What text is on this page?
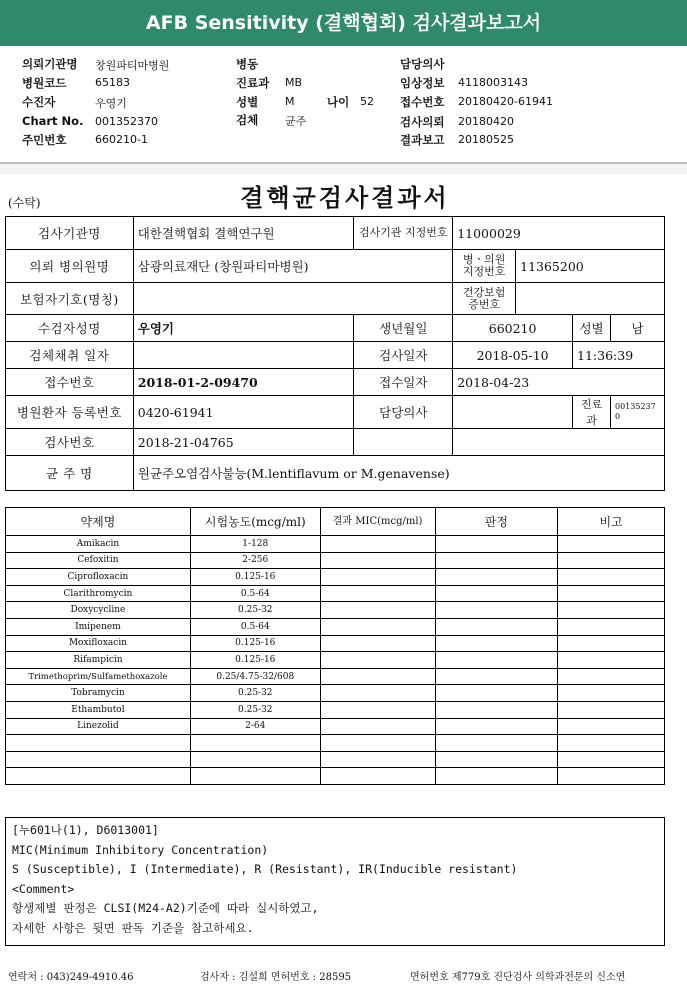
AFB Sensitivity (결핵협회) 검사결과보고서
의뢰기관명 창원파티마병원
병원코드	65183
수진자	우영기
Chart No. 001352370
주민번호	660210-1
병동
진료과 MB
성별 M	나이 52
검체 균주
담당의사
임상정보 4118003143
접수번호 20180420-61941
검사의뢰 20180420
결과보고 20180525
(수탁)	결핵균검사결과서
검사기관명	대한결핵협회 결핵연구원	검사기관 지정번호	11000029			
의뢰 병의원명	삼광의료재단 (창원파티마병원)		병ㆍ의원 지정번호	11365200		
보험자기호(명칭)			건강보험 증번호			
수검자성명	우영기	생년월일	660210		성별	남
검체채취 일자		검사일자	2018-05-10		11:36:39	
접수번호	2018-01-2-09470	접수일자	2018-04-23			
병원환자 등록번호	0420-61941	담당의사			진료과	001352370
검사번호	2018-21-04765					
균 주 명	원균주오염검사불능(M.lentiflavum or M.genavense)					
약제명	시험농도(mcg/ml)	결과 MIC(mcg/ml)	판정	비고
Amikacin	1-128			
Cefoxitin	2-256			
Ciprofloxacin	0.125-16			
Clarithromycin	0.5-64			
Doxycycline	0.25-32			
Imipenem	0.5-64			
Moxifloxacin	0.125-16			
Rifampicin	0.125-16			
Trimethoprim/Sulfamethoxazole	0.25/4.75-32/608			
Tobramycin	0.25-32			
Ethambutol	0.25-32			
Linezolid	2-64			

[누601나(1), D6013001]
MIC(Minimum Inhibitory Concentration)
S (Susceptible), I (Intermediate), R (Resistant), IR(Inducible resistant)
<Comment>
항생제별 판정은 CLSI(M24-A2)기준에 따라 실시하였고,
자세한 사항은 뒷면 판독 기준을 참고하세요.
연락처 : 043)249-4910.46	검사자 : 김설희 면허번호 : 28595	면허번호 제779호 진단검사 의학과전문의 신소연
